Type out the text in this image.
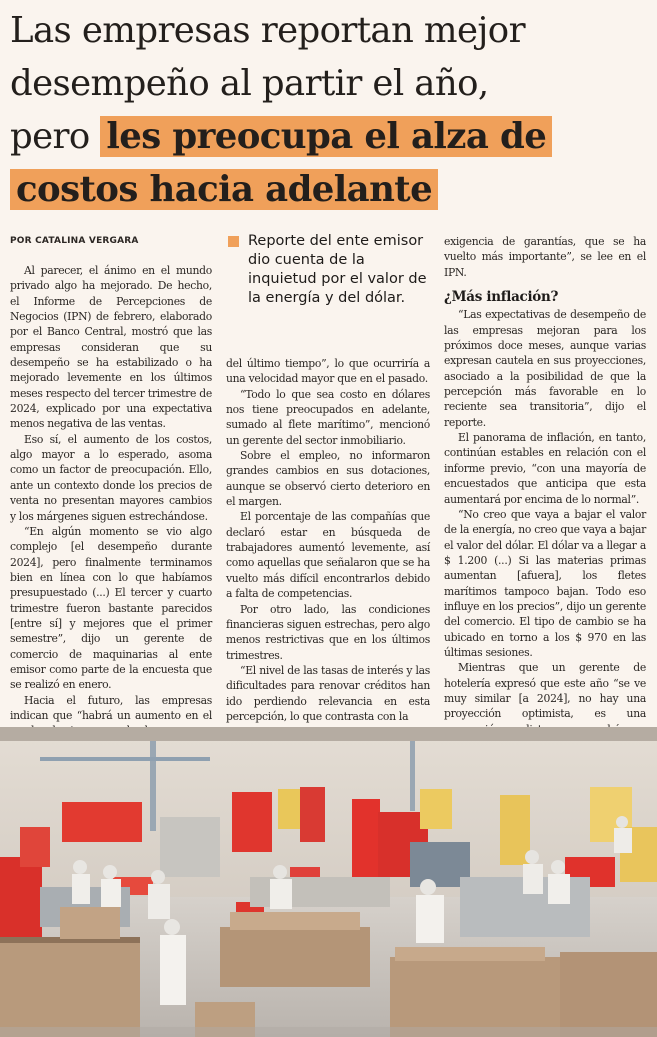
Las empresas reportan mejor
desempeño al partir el año,
pero les preocupa el alza de
costos hacia adelante
POR CATALINA VERGARA	Reporte del ente emisor dio cuenta de la inquietud por el valor de la energía y del dólar.

Al parecer, el ánimo en el mundo privado algo ha mejorado. De hecho, el Informe de Percepciones de Negocios (IPN) de febrero, elaborado por el Banco Central, mostró que las empresas consideran que su desempeño se ha estabilizado o ha mejorado levemente en los últimos meses respecto del tercer trimestre de 2024, explicado por una expectativa menos negativa de las ventas.

Eso sí, el aumento de los costos, algo mayor a lo esperado, asoma como un factor de preocupación. Ello, ante un contexto donde los precios de venta no presentan mayores cambios y los márgenes siguen estrechándose.

“En algún momento se vio algo complejo [el desempeño durante 2024], pero finalmente terminamos bien en línea con lo que habíamos presupuestado (...) El tercer y cuarto trimestre fueron bastante parecidos [entre sí] y mejores que el primer semestre”, dijo un gerente de comercio de maquinarias al ente emisor como parte de la encuesta que se realizó en enero.

Hacia el futuro, las empresas indican que “habrá un aumento en el

del último tiempo”, lo que ocurriría a una velocidad mayor que en el pasado.

“Todo lo que sea costo en dólares nos tiene preocupados en adelante, sumado al flete marítimo”, mencionó un gerente del sector inmobiliario.

Sobre el empleo, no informaron grandes cambios en sus dotaciones, aunque se observó cierto deterioro en el margen.

El porcentaje de las compañías que declaró estar en búsqueda de trabajadores aumentó levemente, así como aquellas que señalaron que se ha vuelto más difícil encontrarlos debido a falta de competencias.

Por otro lado, las condiciones financieras siguen estrechas, pero algo menos restrictivas que en los últimos trimestres.

“El nivel de las tasas de interés y las dificultades para renovar créditos han ido perdiendo relevancia en esta percepción, lo que contrasta con la

exigencia de garantías, que se ha vuelto más importante”, se lee en el IPN.

¿Más inflación?

“Las expectativas de desempeño de las empresas mejoran para los próximos doce meses, aunque varias expresan cautela en sus proyecciones, asociado a la posibilidad de que la percepción más favorable en lo reciente sea transitoria”, dijo el reporte.

El panorama de inflación, en tanto, continúan estables en relación con el informe previo, “con una mayoría de encuestados que anticipa que esta aumentará por encima de lo normal”.

“No creo que vaya a bajar el valor de la energía, no creo que vaya a bajar el valor del dólar. El dólar va a llegar a $ 1.200 (...) Si las materias primas aumentan [afuera], los fletes marítimos tampoco bajan. Todo eso influye en los precios”, dijo un gerente del comercio. El tipo de cambio se ha ubicado en torno a los $ 970 en las últimas sesiones.

Mientras que un gerente de hotelería expresó que este año “se ve muy similar [a 2024], no hay una proyección optimista, es una
